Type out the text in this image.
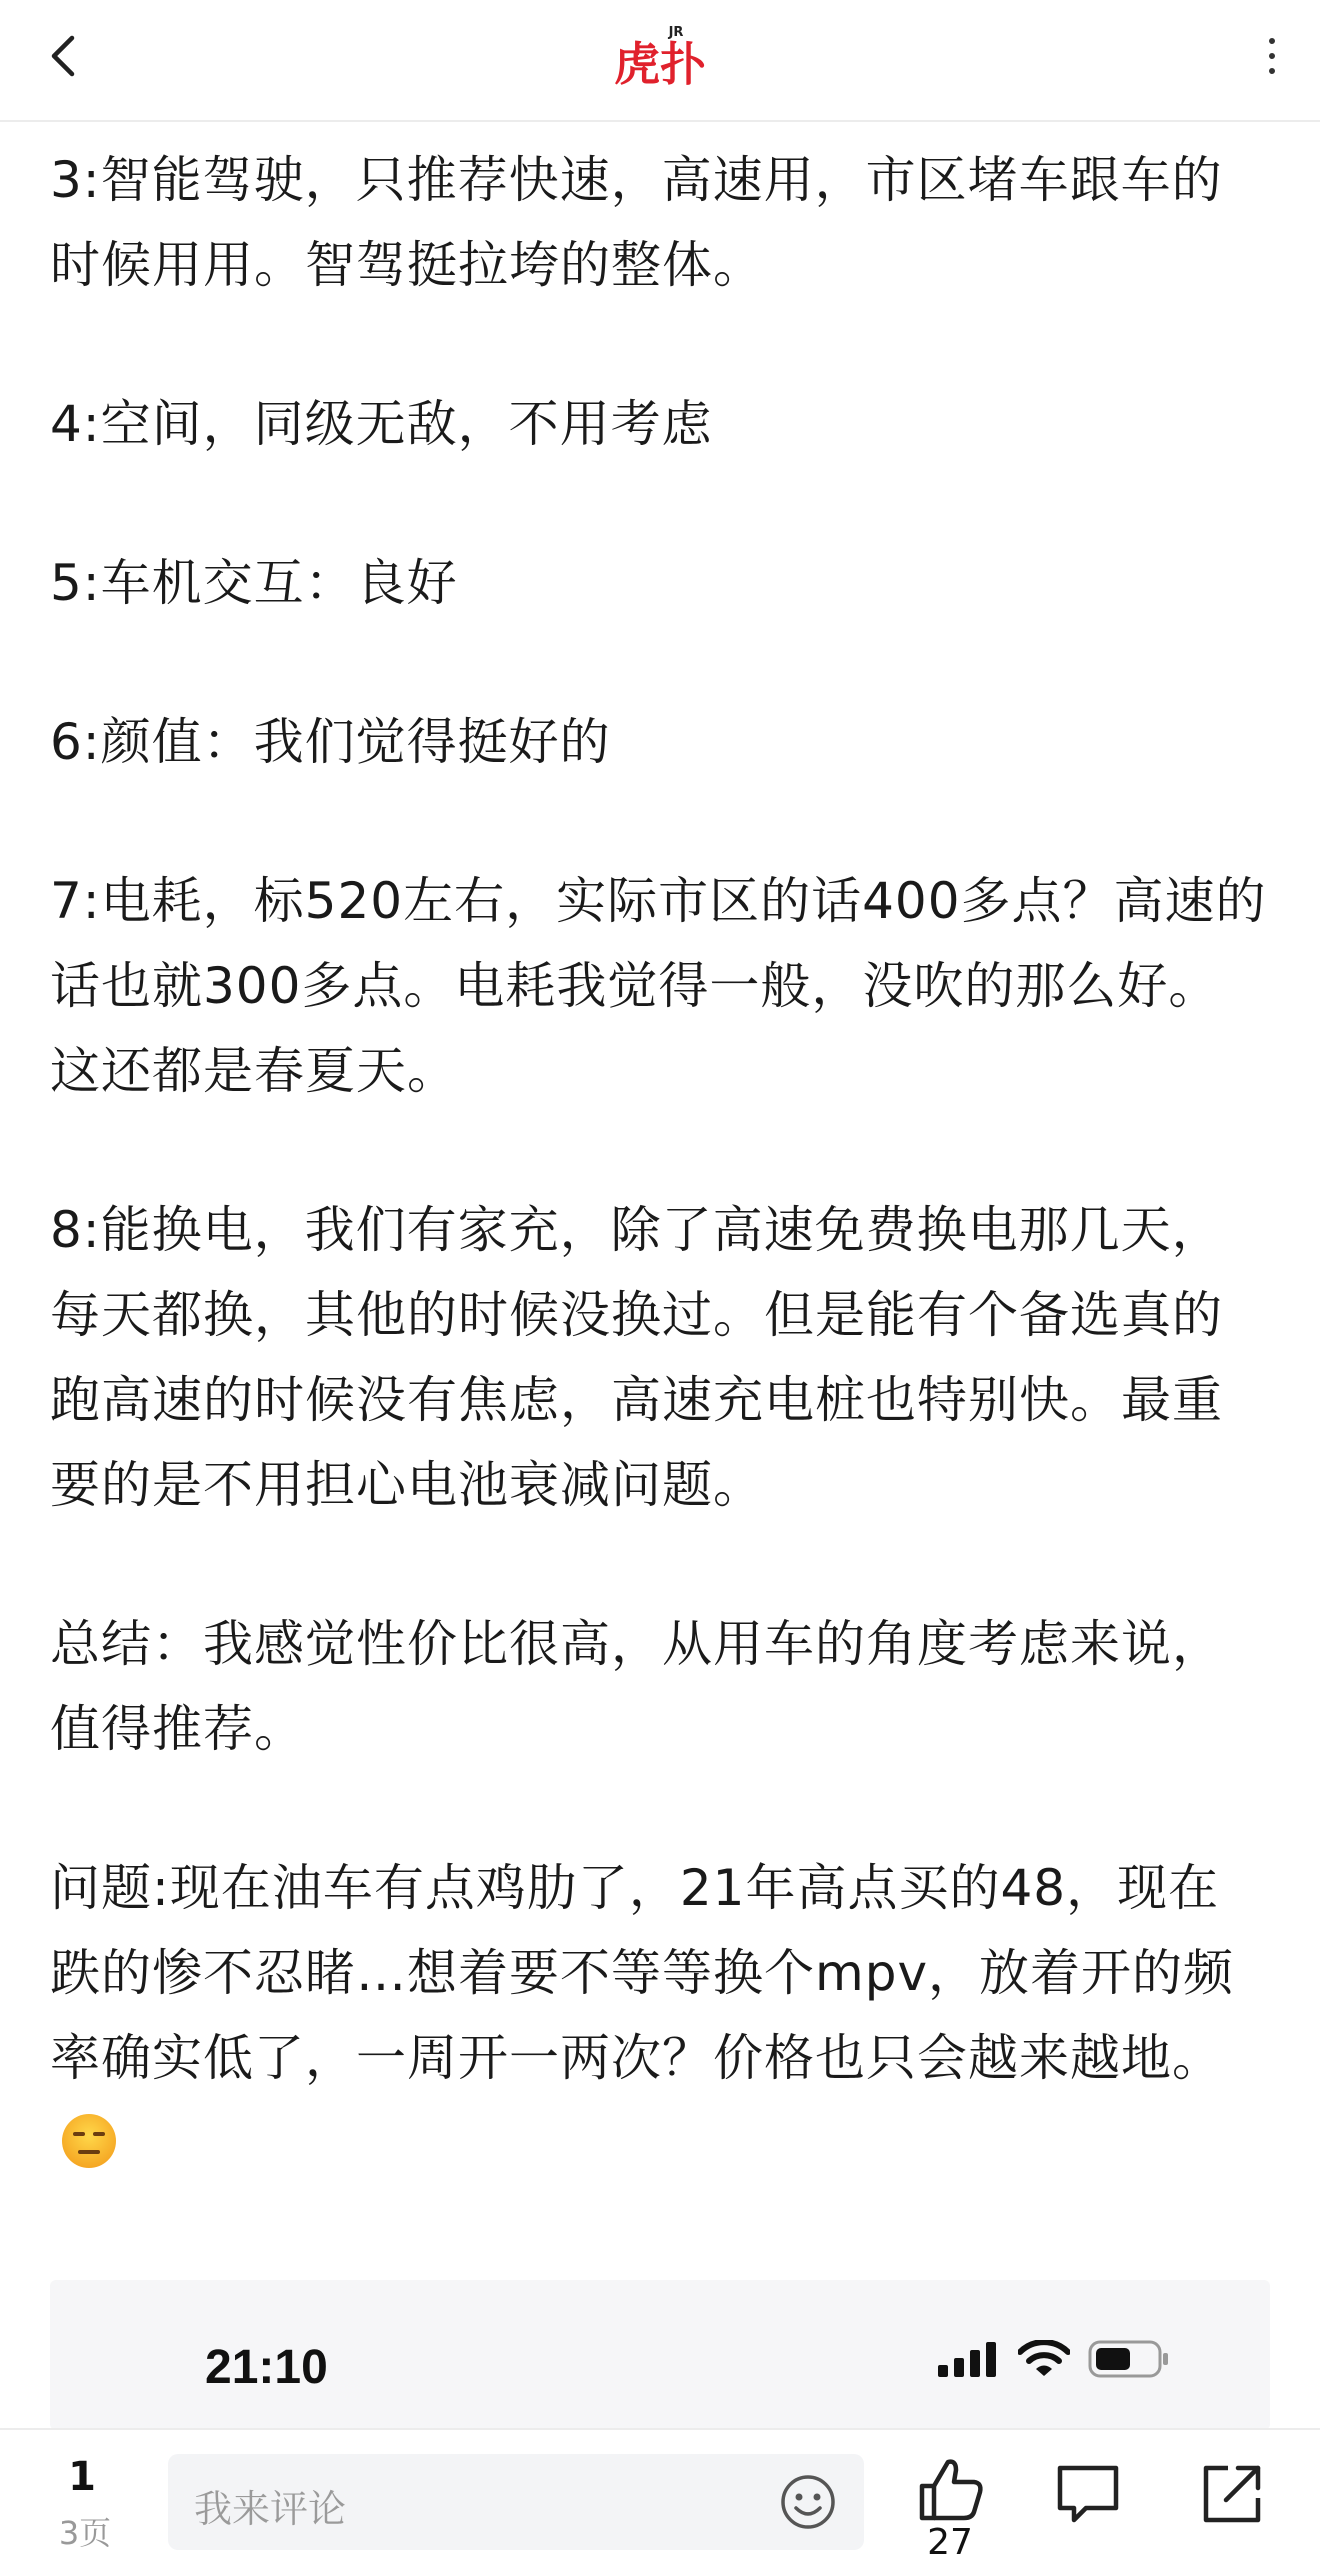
虎扑
JR

3:智能驾驶，只推荐快速，高速用，市区堵车跟车的时候用用。智驾挺拉垮的整体。

4:空间，同级无敌，不用考虑

5:车机交互：良好

6:颜值：我们觉得挺好的

7:电耗，标520左右，实际市区的话400多点？高速的话也就300多点。电耗我觉得一般，没吹的那么好。这还都是春夏天。

8:能换电，我们有家充，除了高速免费换电那几天，每天都换，其他的时候没换过。但是能有个备选真的跑高速的时候没有焦虑，高速充电桩也特别快。最重要的是不用担心电池衰减问题。

总结：我感觉性价比很高，从用车的角度考虑来说，值得推荐。

问题:现在油车有点鸡肋了，21年高点买的48，现在跌的惨不忍睹…想着要不等等换个mpv，放着开的频率确实低了，一周开一两次？价格也只会越来越地。

21:10
1
3页
我来评论
27
